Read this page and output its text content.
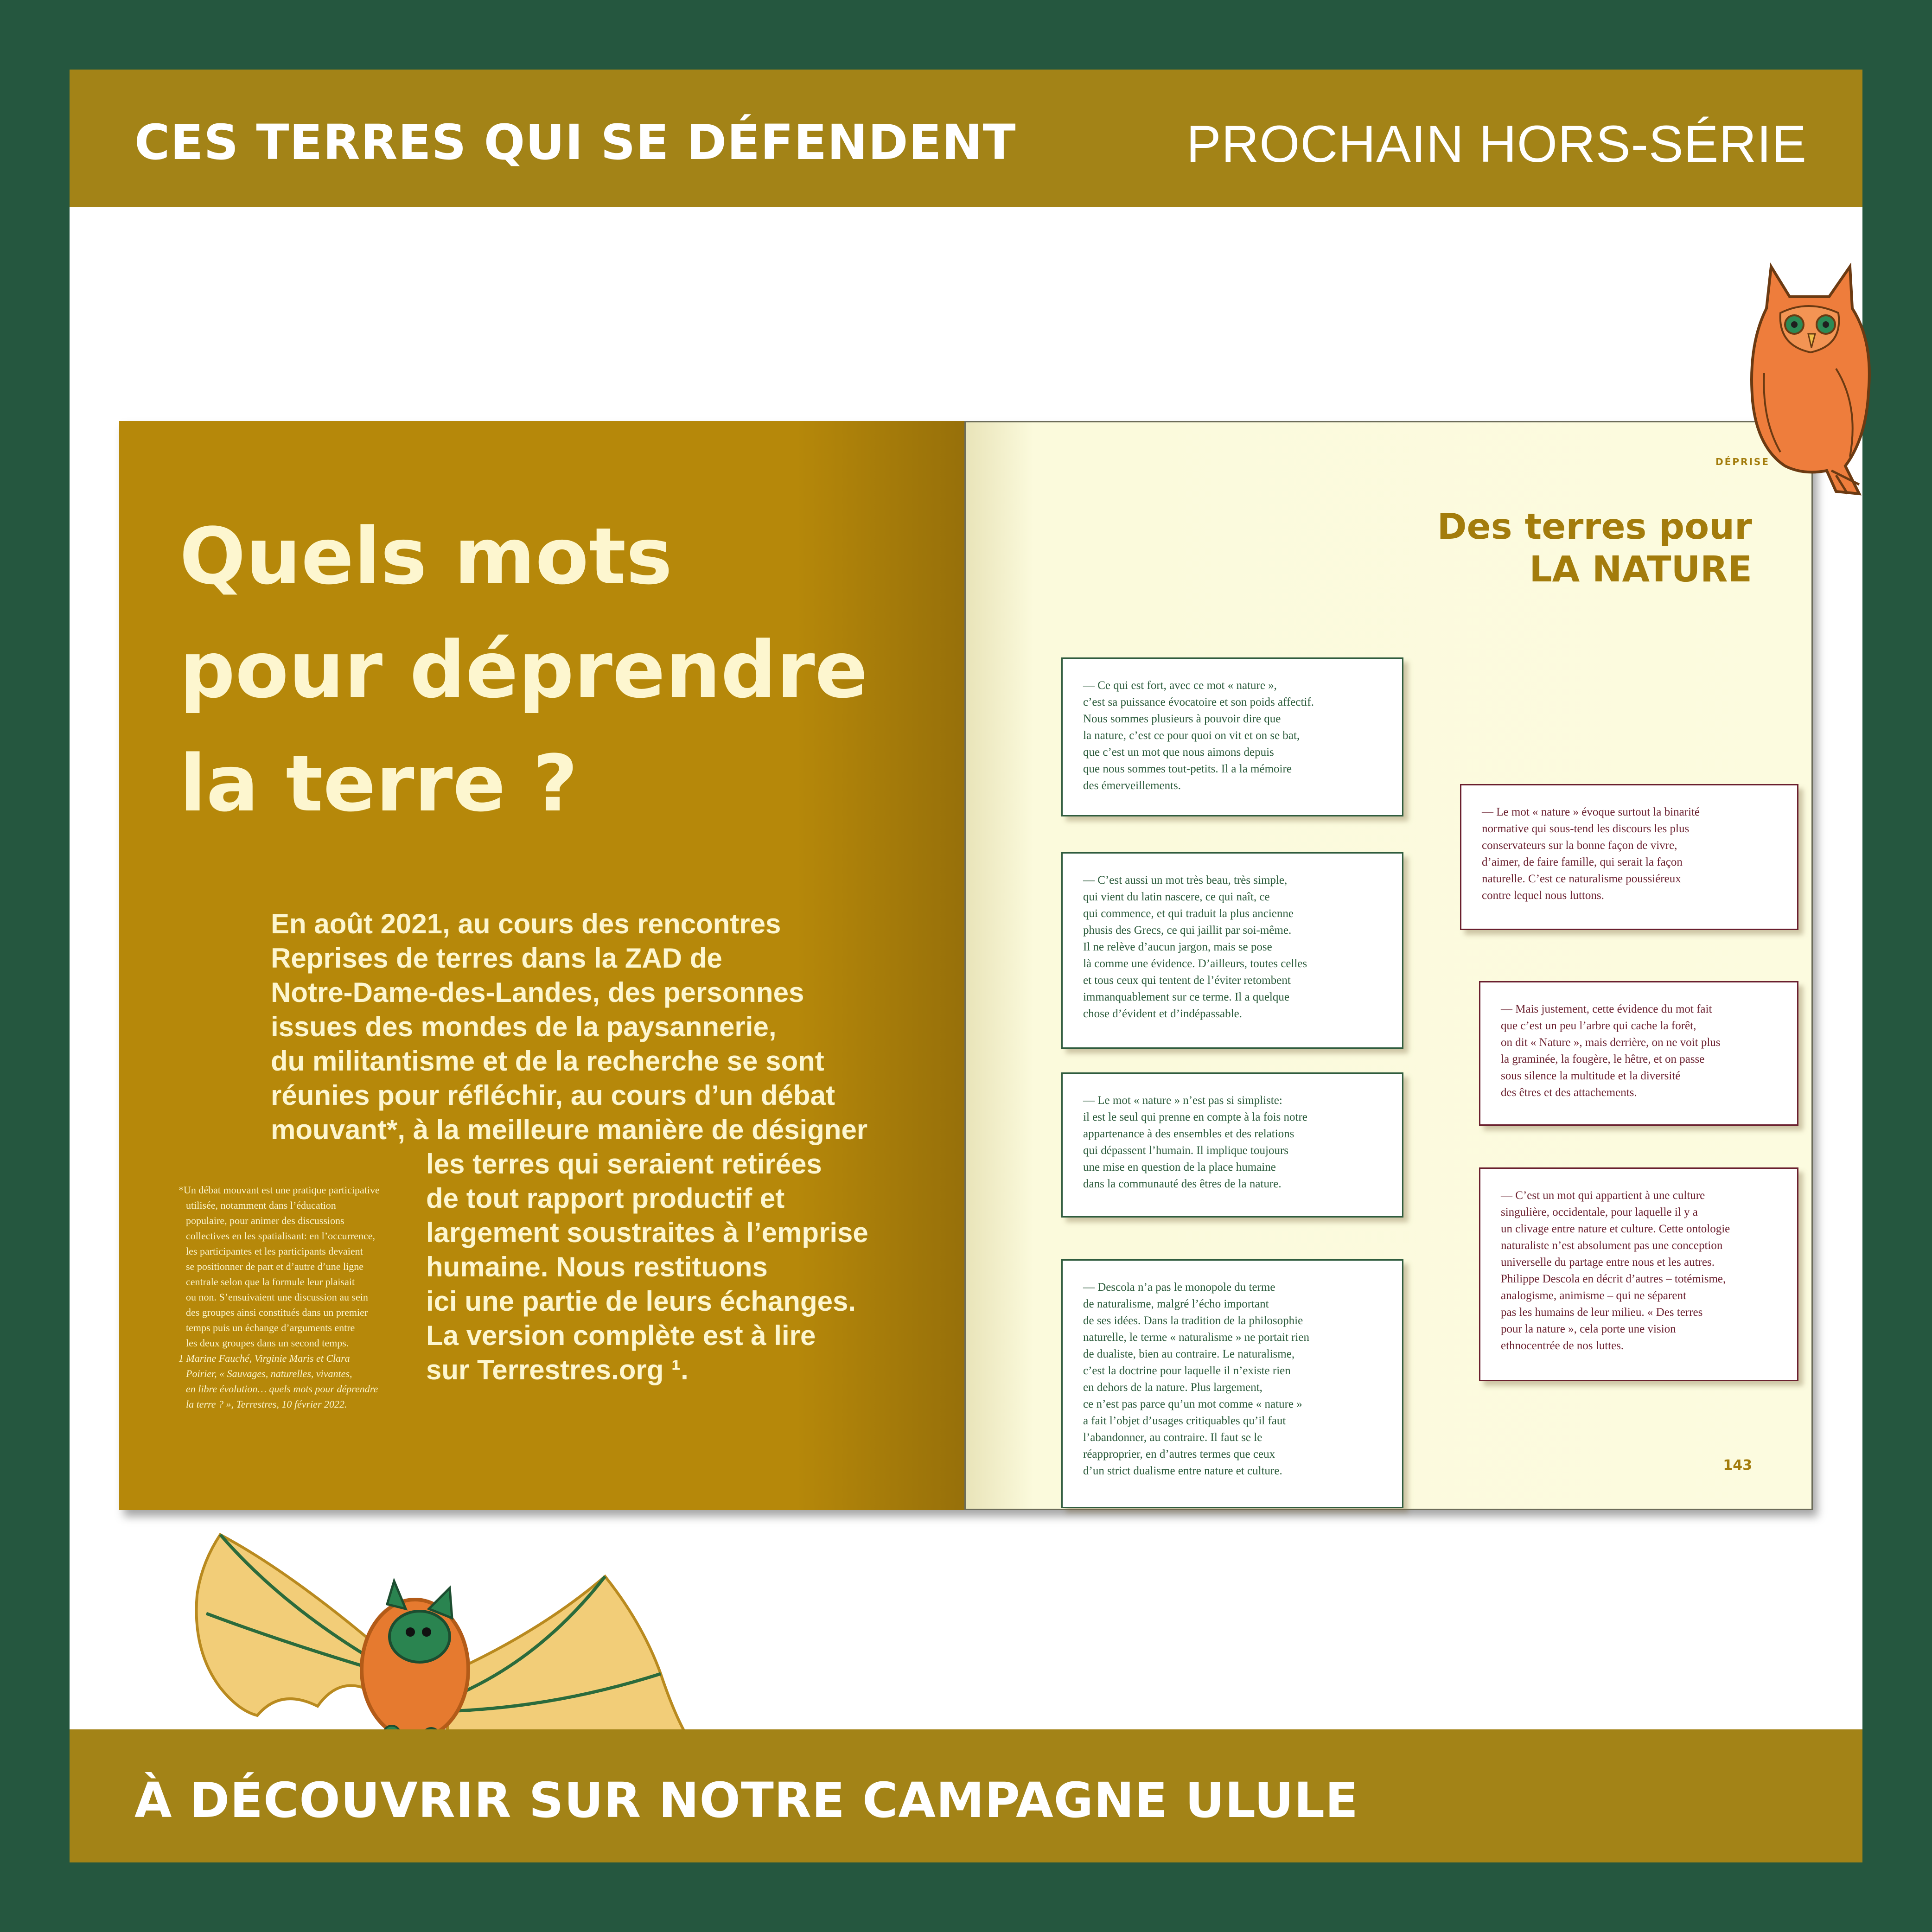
CES TERRES QUI SE DÉFENDENT	PROCHAIN HORS-SÉRIE
Quels mots
pour déprendre
la terre ?
En août 2021, au cours des rencontres
Reprises de terres dans la ZAD de
Notre-Dame-des-Landes, des personnes
issues des mondes de la paysannerie,
du militantisme et de la recherche se sont
réunies pour réfléchir, au cours d’un débat
mouvant*, à la meilleure manière de désigner
les terres qui seraient retirées
de tout rapport productif et
largement soustraites à l’emprise
humaine. Nous restituons
ici une partie de leurs échanges.
La version complète est à lire
sur Terrestres.org ¹.
*Un débat mouvant est une pratique participative
utilisée, notamment dans l’éducation
populaire, pour animer des discussions
collectives en les spatialisant: en l’occurrence,
les participantes et les participants devaient
se positionner de part et d’autre d’une ligne
centrale selon que la formule leur plaisait
ou non. S’ensuivaient une discussion au sein
des groupes ainsi constitués dans un premier
temps puis un échange d’arguments entre
les deux groupes dans un second temps.
1 Marine Fauché, Virginie Maris et Clara
Poirier, « Sauvages, naturelles, vivantes,
en libre évolution… quels mots pour déprendre
la terre ? », Terrestres, 10 février 2022.
DÉPRISE
Des terres pour
LA NATURE
143
— Ce qui est fort, avec ce mot « nature »,
c’est sa puissance évocatoire et son poids affectif.
Nous sommes plusieurs à pouvoir dire que
la nature, c’est ce pour quoi on vit et on se bat,
que c’est un mot que nous aimons depuis
que nous sommes tout-petits. Il a la mémoire
des émerveillements.
— C’est aussi un mot très beau, très simple,
qui vient du latin nascere, ce qui naît, ce
qui commence, et qui traduit la plus ancienne
phusis des Grecs, ce qui jaillit par soi-même.
Il ne relève d’aucun jargon, mais se pose
là comme une évidence. D’ailleurs, toutes celles
et tous ceux qui tentent de l’éviter retombent
immanquablement sur ce terme. Il a quelque
chose d’évident et d’indépassable.
— Le mot « nature » n’est pas si simpliste:
il est le seul qui prenne en compte à la fois notre
appartenance à des ensembles et des relations
qui dépassent l’humain. Il implique toujours
une mise en question de la place humaine
dans la communauté des êtres de la nature.
— Descola n’a pas le monopole du terme
de naturalisme, malgré l’écho important
de ses idées. Dans la tradition de la philosophie
naturelle, le terme « naturalisme » ne portait rien
de dualiste, bien au contraire. Le naturalisme,
c’est la doctrine pour laquelle il n’existe rien
en dehors de la nature. Plus largement,
ce n’est pas parce qu’un mot comme « nature »
a fait l’objet d’usages critiquables qu’il faut
l’abandonner, au contraire. Il faut se le
réapproprier, en d’autres termes que ceux
d’un strict dualisme entre nature et culture.
— Le mot « nature » évoque surtout la binarité
normative qui sous-tend les discours les plus
conservateurs sur la bonne façon de vivre,
d’aimer, de faire famille, qui serait la façon
naturelle. C’est ce naturalisme poussiéreux
contre lequel nous luttons.
— Mais justement, cette évidence du mot fait
que c’est un peu l’arbre qui cache la forêt,
on dit « Nature », mais derrière, on ne voit plus
la graminée, la fougère, le hêtre, et on passe
sous silence la multitude et la diversité
des êtres et des attachements.
— C’est un mot qui appartient à une culture
singulière, occidentale, pour laquelle il y a
un clivage entre nature et culture. Cette ontologie
naturaliste n’est absolument pas une conception
universelle du partage entre nous et les autres.
Philippe Descola en décrit d’autres – totémisme,
analogisme, animisme – qui ne séparent
pas les humains de leur milieu. « Des terres
pour la nature », cela porte une vision
ethnocentrée de nos luttes.
À DÉCOUVRIR SUR NOTRE CAMPAGNE ULULE
